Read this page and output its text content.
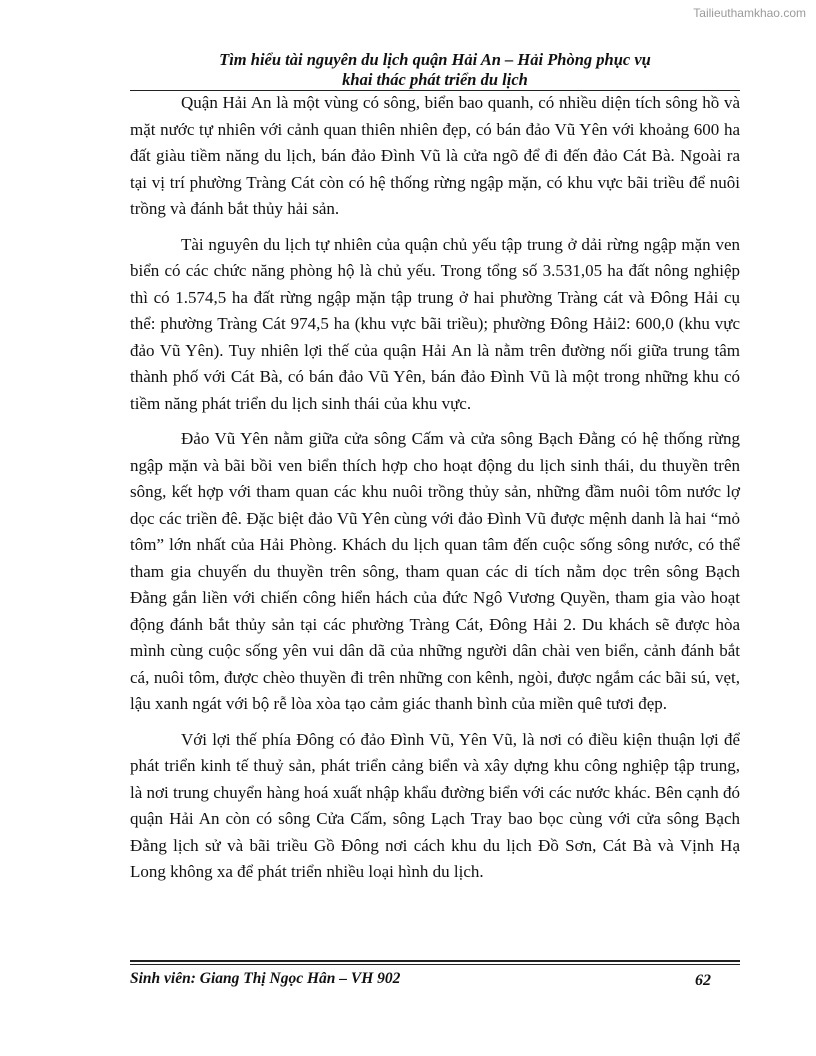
Tailieuthamkhao.com
Tìm hiểu tài nguyên du lịch quận Hải An – Hải Phòng phục vụ
khai thác phát triển du lịch

Quận Hải An là một vùng có sông, biển bao quanh, có nhiều diện tích sông hồ và mặt nước tự nhiên với cảnh quan thiên nhiên đẹp, có bán đảo Vũ Yên với khoảng 600 ha đất giàu tiềm năng du lịch, bán đảo Đình Vũ là cửa ngõ để đi đến đảo Cát Bà. Ngoài ra tại vị trí phường Tràng Cát còn có hệ thống rừng ngập mặn, có khu vực bãi triều để nuôi trồng và đánh bắt thủy hải sản.

Tài nguyên du lịch tự nhiên của quận chủ yếu tập trung ở dải rừng ngập mặn ven biển có các chức năng phòng hộ là chủ yếu. Trong tổng số 3.531,05 ha đất nông nghiệp thì có 1.574,5 ha đất rừng ngập mặn tập trung ở hai phường Tràng cát và Đông Hải cụ thể: phường Tràng Cát 974,5 ha (khu vực bãi triều); phường Đông Hải2: 600,0 (khu vực đảo Vũ Yên). Tuy nhiên lợi thế của quận Hải An là nằm trên đường nối giữa trung tâm thành phố với Cát Bà, có bán đảo Vũ Yên, bán đảo Đình Vũ là một trong những khu có tiềm năng phát triển du lịch sinh thái của khu vực.

Đảo Vũ Yên nằm giữa cửa sông Cấm và cửa sông Bạch Đằng có hệ thống rừng ngập mặn và bãi bồi ven biển thích hợp cho hoạt động du lịch sinh thái, du thuyền trên sông, kết hợp với tham quan các khu nuôi trồng thủy sản, những đầm nuôi tôm nước lợ dọc các triền đê. Đặc biệt đảo Vũ Yên cùng với đảo Đình Vũ được mệnh danh là hai “mỏ tôm” lớn nhất của Hải Phòng. Khách du lịch quan tâm đến cuộc sống sông nước, có thể tham gia chuyến du thuyền trên sông, tham quan các di tích nằm dọc trên sông Bạch Đằng gắn liền với chiến công hiển hách của đức Ngô Vương Quyền, tham gia vào hoạt động đánh bắt thủy sản tại các phường Tràng Cát, Đông Hải 2. Du khách sẽ được hòa mình cùng cuộc sống yên vui dân dã của những người dân chài ven biển, cảnh đánh bắt cá, nuôi tôm, được chèo thuyền đi trên những con kênh, ngòi, được ngắm các bãi sú, vẹt, lậu xanh ngát với bộ rễ lòa xòa tạo cảm giác thanh bình của miền quê tươi đẹp.

Với lợi thế phía Đông có đảo Đình Vũ, Yên Vũ, là nơi có điều kiện thuận lợi để phát triển kinh tế thuỷ sản, phát triển cảng biển và xây dựng khu công nghiệp tập trung, là nơi trung chuyển hàng hoá xuất nhập khẩu đường biển với các nước khác. Bên cạnh đó quận Hải An còn có sông Cửa Cấm, sông Lạch Tray bao bọc cùng với cửa sông Bạch Đằng lịch sử và bãi triều Gồ Đông nơi cách khu du lịch Đồ Sơn, Cát Bà và Vịnh Hạ Long không xa để phát triển nhiều loại hình du lịch.

Sinh viên: Giang Thị Ngọc Hân – VH 902	62
